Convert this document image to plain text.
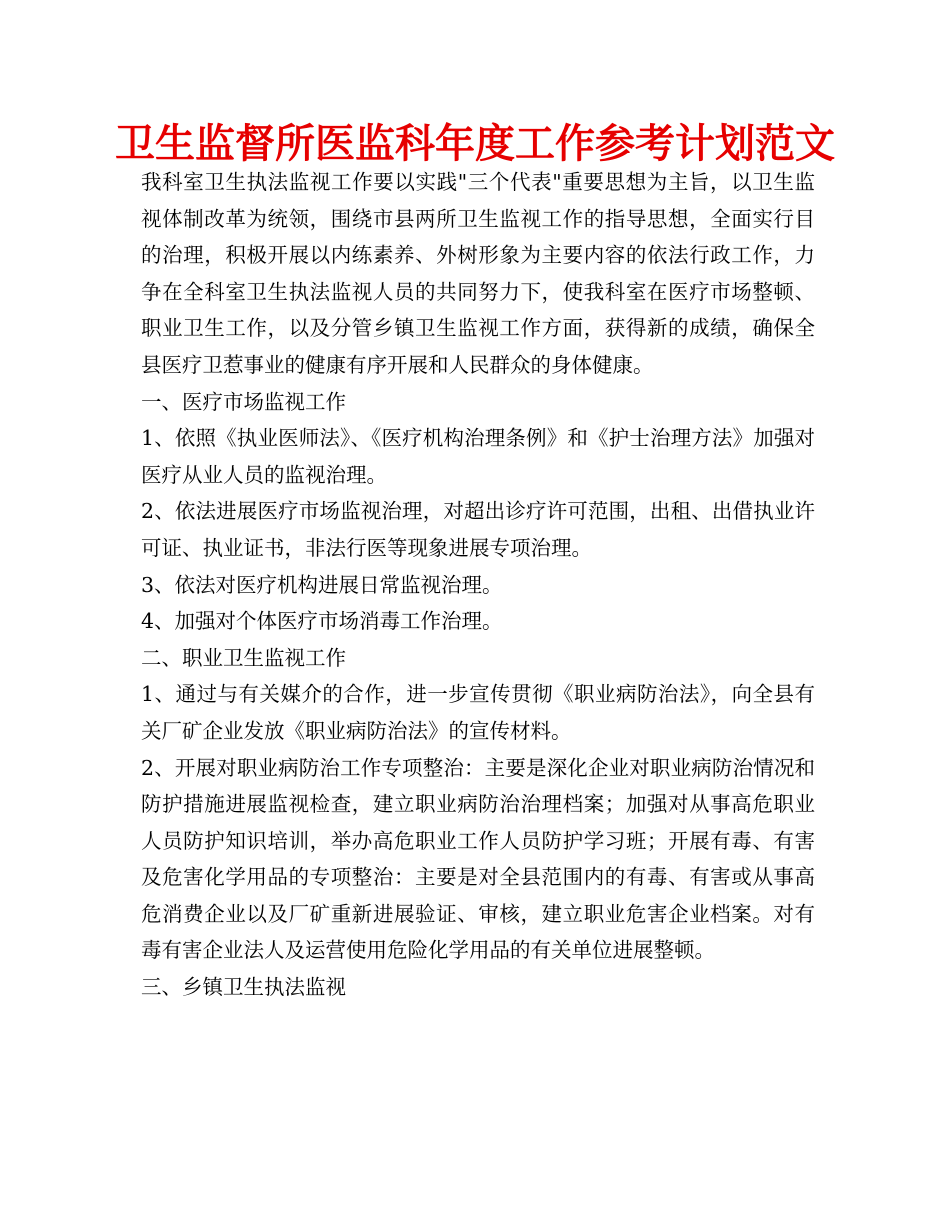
卫生监督所医监科年度工作参考计划范文

我科室卫生执法监视工作要以实践"三个代表"重要思想为主旨，以卫生监视体制改革为统领，围绕市县两所卫生监视工作的指导思想，全面实行目的治理，积极开展以内练素养、外树形象为主要内容的依法行政工作，力争在全科室卫生执法监视人员的共同努力下，使我科室在医疗市场整顿、职业卫生工作，以及分管乡镇卫生监视工作方面，获得新的成绩，确保全县医疗卫惹事业的健康有序开展和人民群众的身体健康。

一、医疗市场监视工作

1、依照《执业医师法》、《医疗机构治理条例》和《护士治理方法》加强对医疗从业人员的监视治理。

2、依法进展医疗市场监视治理，对超出诊疗许可范围，出租、出借执业许可证、执业证书，非法行医等现象进展专项治理。

3、依法对医疗机构进展日常监视治理。

4、加强对个体医疗市场消毒工作治理。

二、职业卫生监视工作

1、通过与有关媒介的合作，进一步宣传贯彻《职业病防治法》，向全县有关厂矿企业发放《职业病防治法》的宣传材料。

2、开展对职业病防治工作专项整治：主要是深化企业对职业病防治情况和防护措施进展监视检查，建立职业病防治治理档案；加强对从事高危职业人员防护知识培训，举办高危职业工作人员防护学习班；开展有毒、有害及危害化学用品的专项整治：主要是对全县范围内的有毒、有害或从事高危消费企业以及厂矿重新进展验证、审核，建立职业危害企业档案。对有毒有害企业法人及运营使用危险化学用品的有关单位进展整顿。

三、乡镇卫生执法监视
